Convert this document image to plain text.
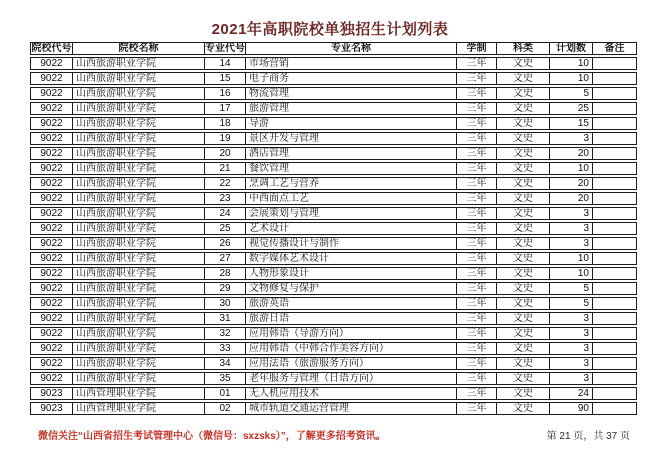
2021年高职院校单独招生计划列表
院校代号	院校名称	专业代号	专业名称	学制	科类	计划数	备注
9022	山西旅游职业学院	14	市场营销	三年	文史	10	
9022	山西旅游职业学院	15	电子商务	三年	文史	10	
9022	山西旅游职业学院	16	物流管理	三年	文史	5	
9022	山西旅游职业学院	17	旅游管理	三年	文史	25	
9022	山西旅游职业学院	18	导游	三年	文史	15	
9022	山西旅游职业学院	19	景区开发与管理	三年	文史	3	
9022	山西旅游职业学院	20	酒店管理	三年	文史	20	
9022	山西旅游职业学院	21	餐饮管理	三年	文史	10	
9022	山西旅游职业学院	22	烹调工艺与营养	三年	文史	20	
9022	山西旅游职业学院	23	中西面点工艺	三年	文史	20	
9022	山西旅游职业学院	24	会展策划与管理	三年	文史	3	
9022	山西旅游职业学院	25	艺术设计	三年	文史	3	
9022	山西旅游职业学院	26	视觉传播设计与制作	三年	文史	3	
9022	山西旅游职业学院	27	数字媒体艺术设计	三年	文史	10	
9022	山西旅游职业学院	28	人物形象设计	三年	文史	10	
9022	山西旅游职业学院	29	文物修复与保护	三年	文史	5	
9022	山西旅游职业学院	30	旅游英语	三年	文史	5	
9022	山西旅游职业学院	31	旅游日语	三年	文史	3	
9022	山西旅游职业学院	32	应用韩语（导游方向）	三年	文史	3	
9022	山西旅游职业学院	33	应用韩语（中韩合作美容方向）	三年	文史	3	
9022	山西旅游职业学院	34	应用法语（旅游服务方向）	三年	文史	3	
9022	山西旅游职业学院	35	老年服务与管理（日语方向）	三年	文史	3	
9023	山西管理职业学院	01	无人机应用技术	三年	文史	24	
9023	山西管理职业学院	02	城市轨道交通运营管理	三年	文史	90	
微信关注“山西省招生考试管理中心（微信号：sxzsks）”，了解更多招考资讯。	第 21 页，共 37 页
